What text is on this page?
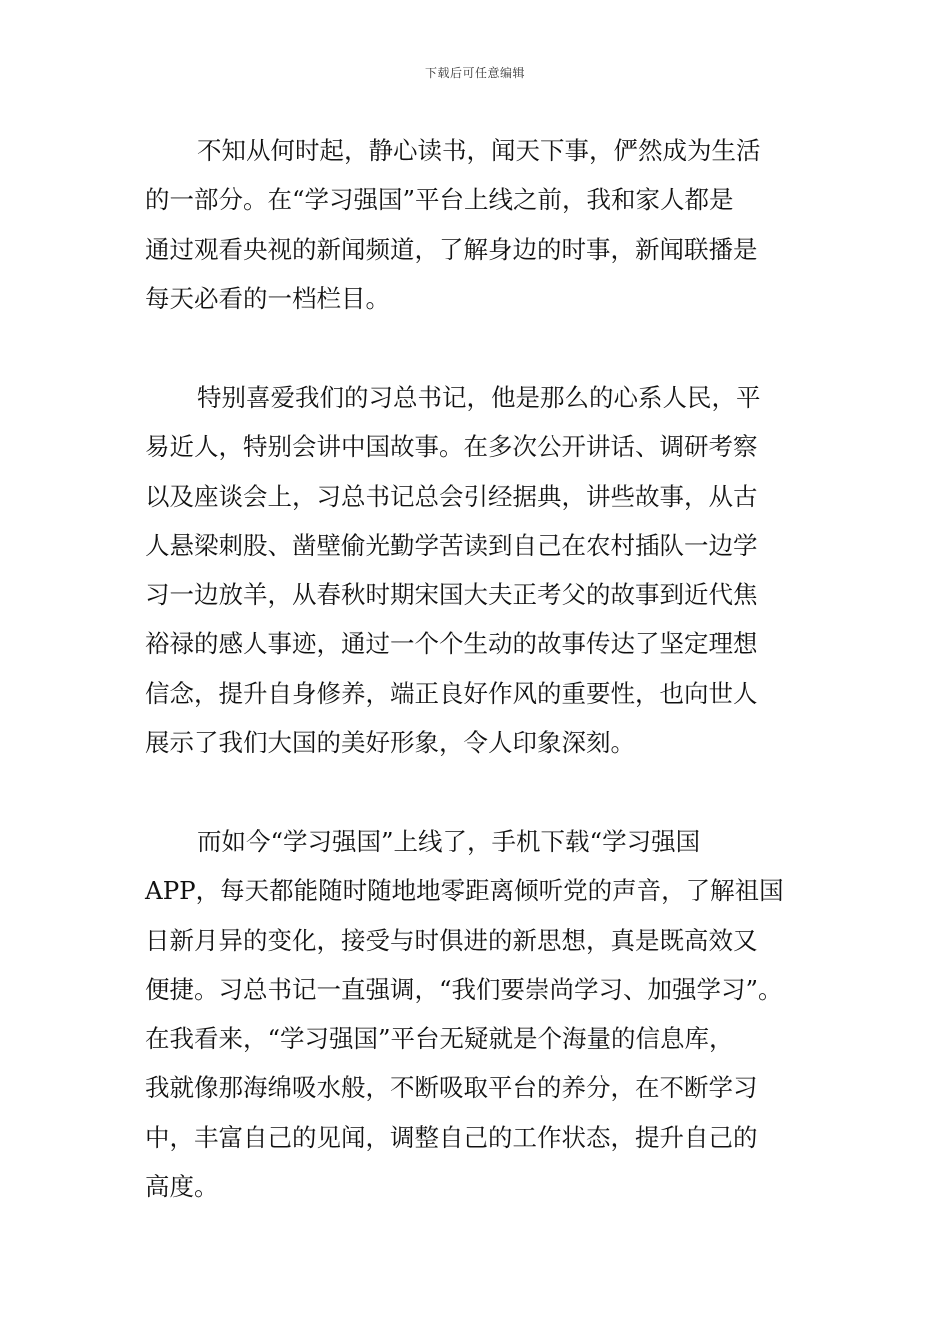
下载后可任意编辑
不知从何时起，静心读书，闻天下事，俨然成为生活
的一部分。在“学习强国”平台上线之前，我和家人都是
通过观看央视的新闻频道，了解身边的时事，新闻联播是
每天必看的一档栏目。
特别喜爱我们的习总书记，他是那么的心系人民，平
易近人，特别会讲中国故事。在多次公开讲话、调研考察
以及座谈会上，习总书记总会引经据典，讲些故事，从古
人悬梁刺股、凿壁偷光勤学苦读到自己在农村插队一边学
习一边放羊，从春秋时期宋国大夫正考父的故事到近代焦
裕禄的感人事迹，通过一个个生动的故事传达了坚定理想
信念，提升自身修养，端正良好作风的重要性，也向世人
展示了我们大国的美好形象，令人印象深刻。
而如今“学习强国”上线了，手机下载“学习强国
APP，每天都能随时随地地零距离倾听党的声音，了解祖国
日新月异的变化，接受与时俱进的新思想，真是既高效又
便捷。习总书记一直强调，“我们要崇尚学习、加强学习”。
在我看来，“学习强国”平台无疑就是个海量的信息库，
我就像那海绵吸水般，不断吸取平台的养分，在不断学习
中，丰富自己的见闻，调整自己的工作状态，提升自己的
高度。
